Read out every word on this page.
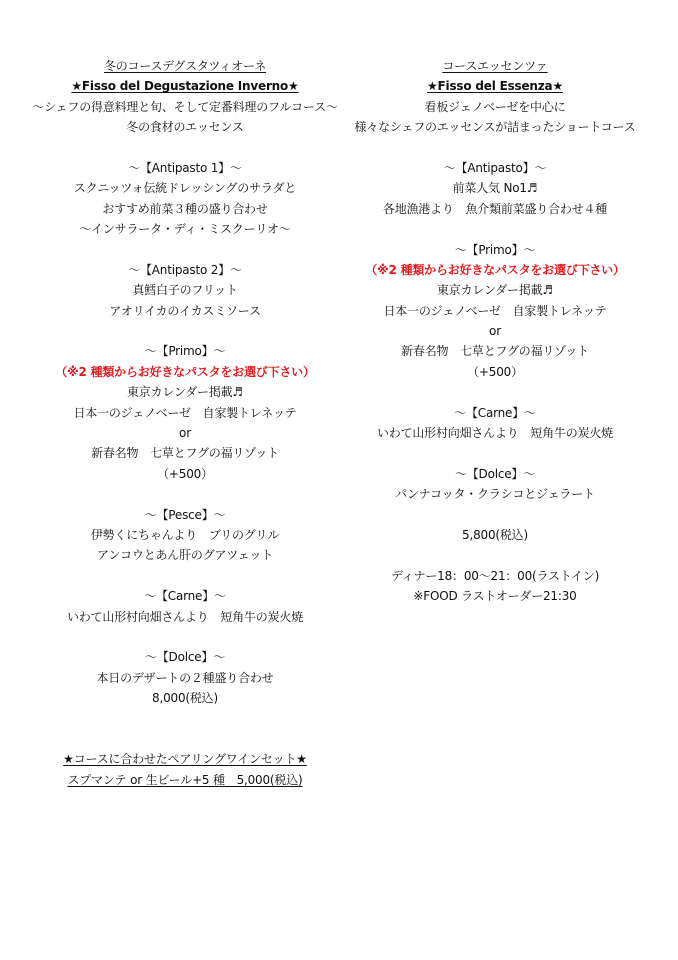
冬のコースデグスタツィオーネ
★Fisso del Degustazione Inverno★
～シェフの得意料理と旬、そして定番料理のフルコース～
冬の食材のエッセンス
～【Antipasto 1】～
スクニッツォ伝統ドレッシングのサラダと
おすすめ前菜３種の盛り合わせ
～インサラータ・ディ・ミスクーリオ～
～【Antipasto 2】～
真鱈白子のフリット
アオリイカのイカスミソース
～【Primo】～
（※2 種類からお好きなパスタをお選び下さい）
東京カレンダー掲載♬
日本一のジェノベーゼ　自家製トレネッテ
or
新春名物　七草とフグの福リゾット
（+500）
～【Pesce】～
伊勢くにちゃんより　ブリのグリル
アンコウとあん肝のグアツェット
～【Carne】～
いわて山形村向畑さんより　短角牛の炭火焼
～【Dolce】～
本日のデザートの２種盛り合わせ
8,000(税込)
★コースに合わせたペアリングワインセット★
スプマンテ or 生ビール+5 種　5,000(税込)
コースエッセンツァ
★Fisso del Essenza★
看板ジェノベーゼを中心に
様々なシェフのエッセンスが詰まったショートコース
～【Antipasto】～
前菜人気 No1♬
各地漁港より　魚介類前菜盛り合わせ４種
～【Primo】～
（※2 種類からお好きなパスタをお選び下さい）
東京カレンダー掲載♬
日本一のジェノベーゼ　自家製トレネッテ
or
新春名物　七草とフグの福リゾット
（+500）
～【Carne】～
いわて山形村向畑さんより　短角牛の炭火焼
～【Dolce】～
パンナコッタ・クラシコとジェラート
5,800(税込)
ディナー18：00～21：00(ラストイン)
※FOOD ラストオーダー21:30
